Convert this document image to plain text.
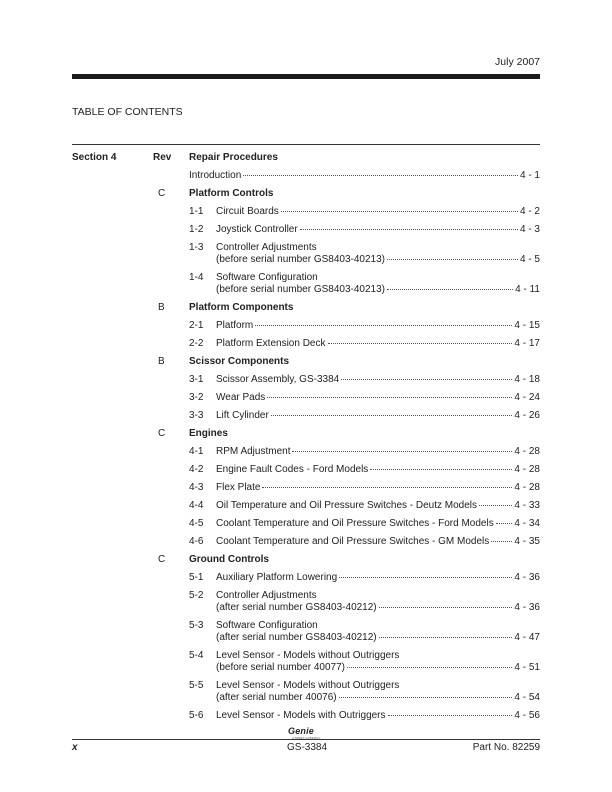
July 2007
TABLE OF CONTENTS
Section 4	Rev Repair Procedures
Introduction	4 - 1
C Platform Controls
1-1 Circuit Boards	4 - 2
1-2 Joystick Controller	4 - 3
1-3 Controller Adjustments
(before serial number GS8403-40213)	4 - 5
1-4 Software Configuration
(before serial number GS8403-40213)	4 - 11
B Platform Components
2-1 Platform	4 - 15
2-2 Platform Extension Deck	4 - 17
B Scissor Components
3-1 Scissor Assembly, GS-3384	4 - 18
3-2 Wear Pads	4 - 24
3-3 Lift Cylinder	4 - 26
C Engines
4-1 RPM Adjustment	4 - 28
4-2 Engine Fault Codes - Ford Models	4 - 28
4-3 Flex Plate	4 - 28
4-4 Oil Temperature and Oil Pressure Switches - Deutz Models	4 - 33
4-5 Coolant Temperature and Oil Pressure Switches - Ford Models 4 - 34
4-6 Coolant Temperature and Oil Pressure Switches - GM Models	4 - 35
C Ground Controls
5-1 Auxiliary Platform Lowering	4 - 36
5-2 Controller Adjustments
(after serial number GS8403-40212)	4 - 36
5-3 Software Configuration
(after serial number GS8403-40212)	4 - 47
5-4 Level Sensor - Models without Outriggers
(before serial number 40077)	4 - 51
5-5 Level Sensor - Models without Outriggers
(after serial number 40076)	4 - 54
5-6 Level Sensor - Models with Outriggers	4 - 56
Genie
A TEREX COMPANY
x	GS-3384	Part No. 82259
